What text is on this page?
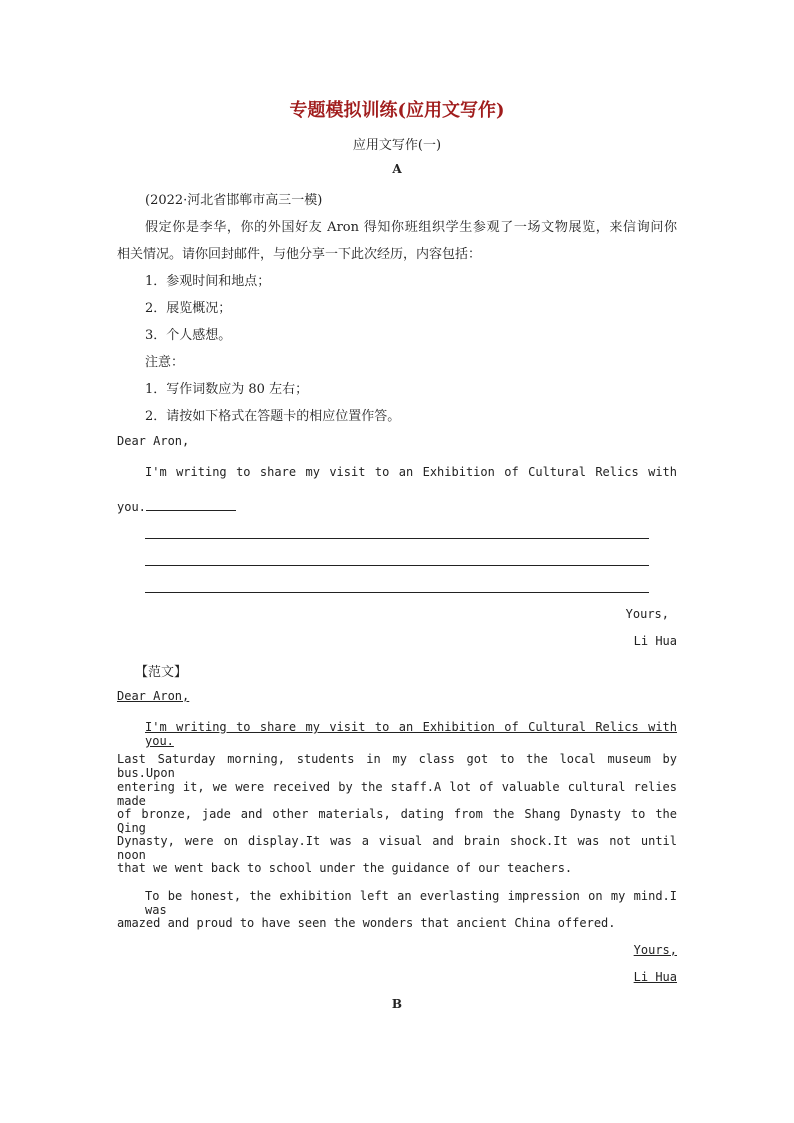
专题模拟训练(应用文写作)
应用文写作(一)
A
(2022·河北省邯郸市高三一模)
假定你是李华，你的外国好友 Aron 得知你班组织学生参观了一场文物展览，来信询问你
相关情况。请你回封邮件，与他分享一下此次经历，内容包括：
1．参观时间和地点；
2．展览概况；
3．个人感想。
注意：
1．写作词数应为 80 左右；
2．请按如下格式在答题卡的相应位置作答。
Dear Aron,
I'm writing to share my visit to an Exhibition of Cultural Relics with
you.
Yours,
Li Hua
【范文】
Dear Aron,
I'm writing to share my visit to an Exhibition of Cultural Relics with you.
Last Saturday morning, students in my class got to the local museum by bus.Upon
entering it, we were received by the staff.A lot of valuable cultural relies made
of bronze, jade and other materials, dating from the Shang Dynasty to the Qing
Dynasty, were on display.It was a visual and brain shock.It was not until noon
that we went back to school under the guidance of our teachers.
To be honest, the exhibition left an everlasting impression on my mind.I was
amazed and proud to have seen the wonders that ancient China offered.
Yours,
Li Hua
B
